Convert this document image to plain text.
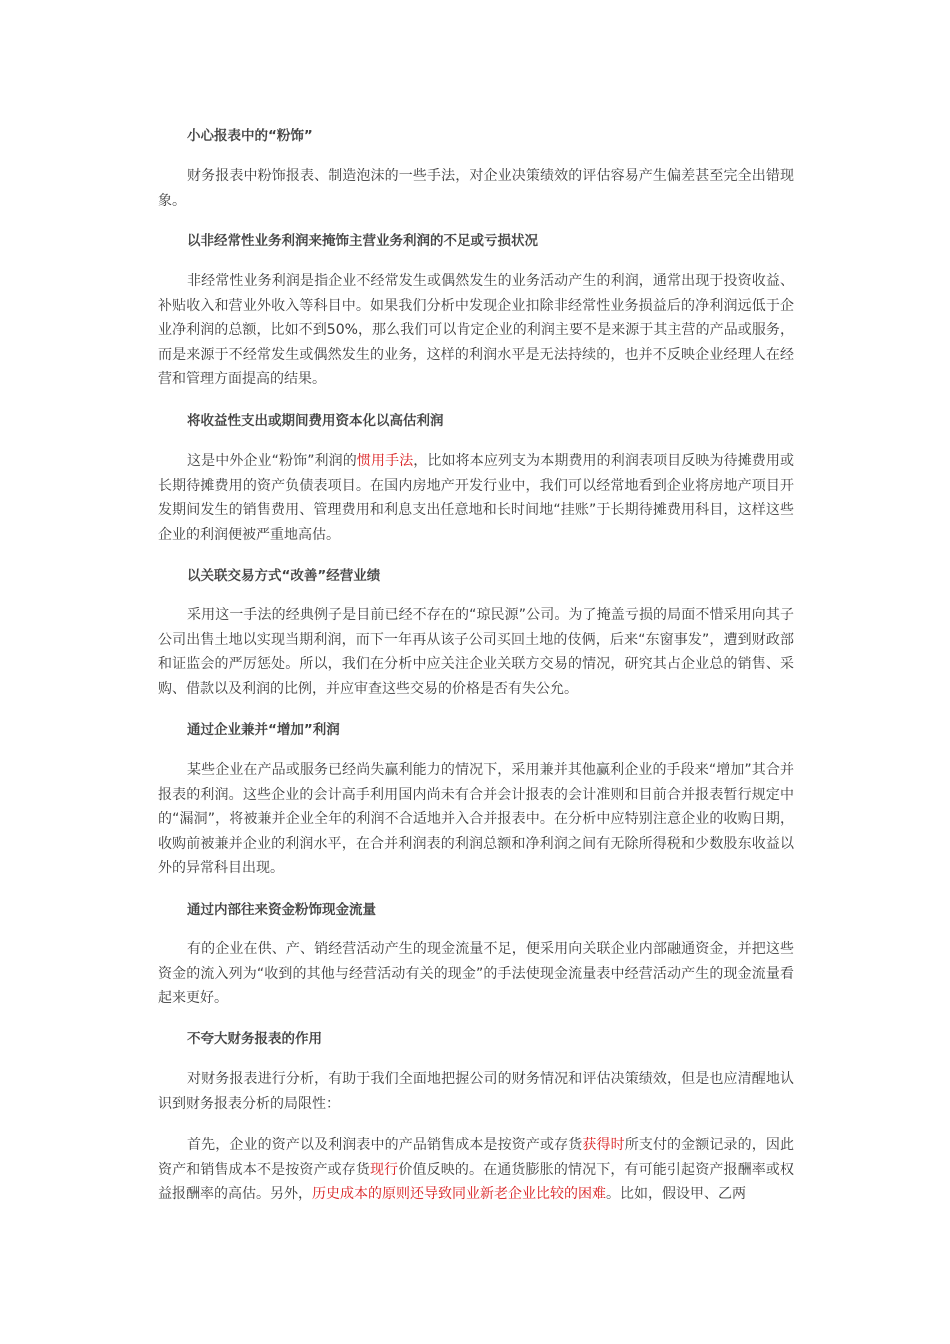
小心报表中的“粉饰”

财务报表中粉饰报表、制造泡沫的一些手法，对企业决策绩效的评估容易产生偏差甚至完全出错现象。

以非经常性业务利润来掩饰主营业务利润的不足或亏损状况

非经常性业务利润是指企业不经常发生或偶然发生的业务活动产生的利润，通常出现于投资收益、补贴收入和营业外收入等科目中。如果我们分析中发现企业扣除非经常性业务损益后的净利润远低于企业净利润的总额，比如不到50%，那么我们可以肯定企业的利润主要不是来源于其主营的产品或服务，而是来源于不经常发生或偶然发生的业务，这样的利润水平是无法持续的，也并不反映企业经理人在经营和管理方面提高的结果。

将收益性支出或期间费用资本化以高估利润

这是中外企业“粉饰”利润的惯用手法，比如将本应列支为本期费用的利润表项目反映为待摊费用或长期待摊费用的资产负债表项目。在国内房地产开发行业中，我们可以经常地看到企业将房地产项目开发期间发生的销售费用、管理费用和利息支出任意地和长时间地“挂账”于长期待摊费用科目，这样这些企业的利润便被严重地高估。

以关联交易方式“改善”经营业绩

采用这一手法的经典例子是目前已经不存在的“琼民源”公司。为了掩盖亏损的局面不惜采用向其子公司出售土地以实现当期利润，而下一年再从该子公司买回土地的伎俩，后来“东窗事发”，遭到财政部和证监会的严厉惩处。所以，我们在分析中应关注企业关联方交易的情况，研究其占企业总的销售、采购、借款以及利润的比例，并应审查这些交易的价格是否有失公允。

通过企业兼并“增加”利润

某些企业在产品或服务已经尚失赢利能力的情况下，采用兼并其他赢利企业的手段来“增加”其合并报表的利润。这些企业的会计高手利用国内尚未有合并会计报表的会计准则和目前合并报表暂行规定中的“漏洞”，将被兼并企业全年的利润不合适地并入合并报表中。在分析中应特别注意企业的收购日期，收购前被兼并企业的利润水平，在合并利润表的利润总额和净利润之间有无除所得税和少数股东收益以外的异常科目出现。

通过内部往来资金粉饰现金流量

有的企业在供、产、销经营活动产生的现金流量不足，便采用向关联企业内部融通资金，并把这些资金的流入列为“收到的其他与经营活动有关的现金”的手法使现金流量表中经营活动产生的现金流量看起来更好。

不夸大财务报表的作用

对财务报表进行分析，有助于我们全面地把握公司的财务情况和评估决策绩效，但是也应清醒地认识到财务报表分析的局限性：

首先，企业的资产以及利润表中的产品销售成本是按资产或存货获得时所支付的金额记录的，因此资产和销售成本不是按资产或存货现行价值反映的。在通货膨胀的情况下，有可能引起资产报酬率或权益报酬率的高估。另外，历史成本的原则还导致同业新老企业比较的困难。比如，假设甲、乙两
